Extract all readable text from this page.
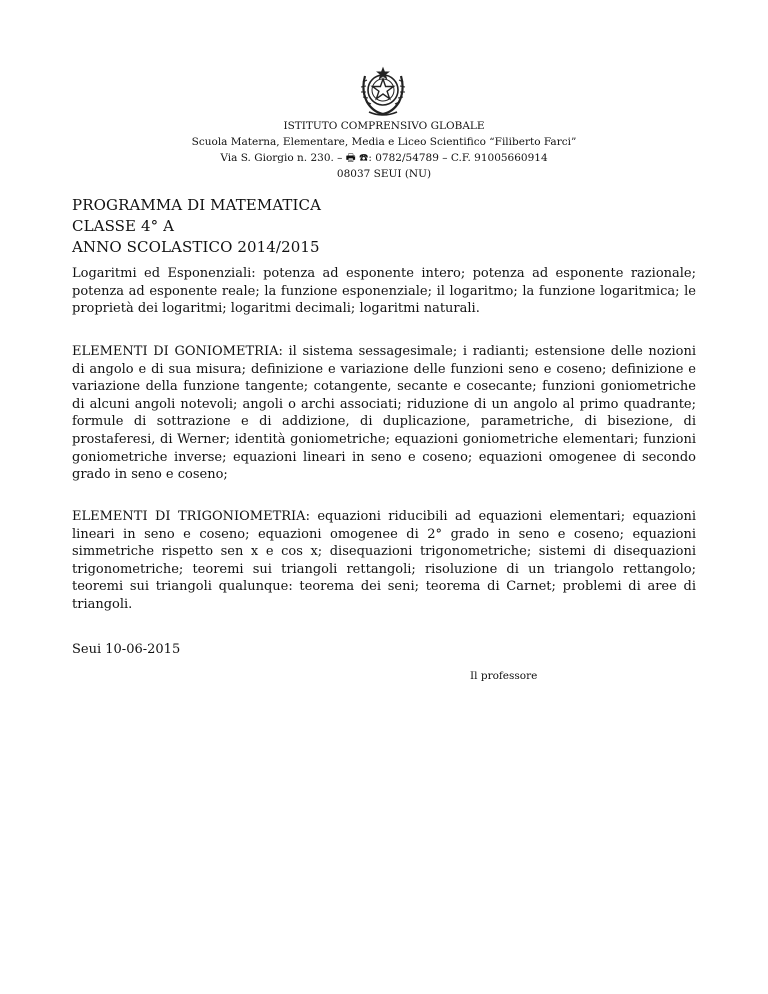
ISTITUTO COMPRENSIVO GLOBALE
Scuola Materna, Elementare, Media e Liceo Scientifico “Filiberto Farci”
Via S. Giorgio n. 230. – 🖶 ☎: 0782/54789 – C.F. 91005660914
08037 SEUI (NU)
PROGRAMMA DI MATEMATICA
CLASSE 4° A
ANNO SCOLASTICO 2014/2015
Logaritmi ed Esponenziali: potenza ad esponente intero; potenza ad esponente razionale; potenza ad esponente reale; la funzione esponenziale; il logaritmo; la funzione logaritmica; le proprietà dei logaritmi; logaritmi decimali; logaritmi naturali.
ELEMENTI DI GONIOMETRIA: il sistema sessagesimale; i radianti; estensione delle nozioni di angolo e di sua misura; definizione e variazione delle funzioni seno e coseno; definizione e variazione della funzione tangente; cotangente, secante e cosecante; funzioni goniometriche di alcuni angoli notevoli; angoli o archi associati; riduzione di un angolo al primo quadrante; formule di sottrazione e di addizione, di duplicazione, parametriche, di bisezione, di prostaferesi, di Werner; identità goniometriche; equazioni goniometriche elementari; funzioni goniometriche inverse; equazioni lineari in seno e coseno; equazioni omogenee di secondo grado in seno e coseno;
ELEMENTI DI TRIGONIOMETRIA: equazioni riducibili ad equazioni elementari; equazioni lineari in seno e coseno; equazioni omogenee di 2° grado in seno e coseno; equazioni simmetriche rispetto sen x e cos x; disequazioni trigonometriche; sistemi di disequazioni trigonometriche; teoremi sui triangoli rettangoli; risoluzione di un triangolo rettangolo; teoremi sui triangoli qualunque: teorema dei seni; teorema di Carnet; problemi di aree di triangoli.
Seui 10-06-2015
Il professore
